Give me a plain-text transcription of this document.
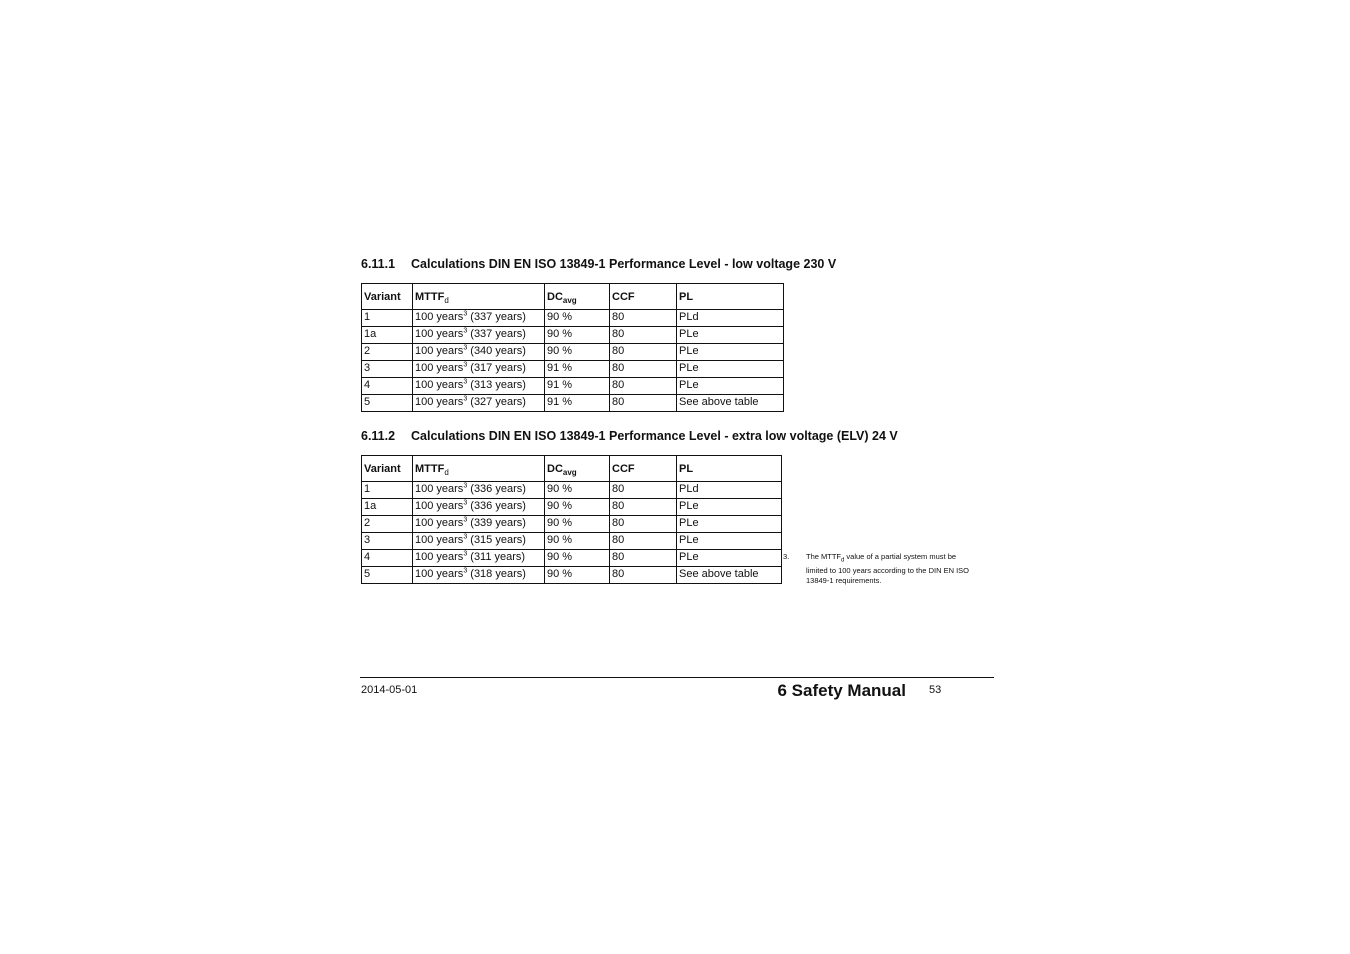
6.11.1 Calculations DIN EN ISO 13849-1 Performance Level - low voltage 230 V
Variant	$MTTF_d$	$DC_{avg}$	CCF	PL
1	100 years$^3$ (337 years)	90 %	80	PLd
1a	100 years$^3$ (337 years)	90 %	80	PLe
2	100 years$^3$ (340 years)	90 %	80	PLe
3	100 years$^3$ (317 years)	91 %	80	PLe
4	100 years$^3$ (313 years)	91 %	80	PLe
5	100 years$^3$ (327 years)	91 %	80	See above table
6.11.2 Calculations DIN EN ISO 13849-1 Performance Level - extra low voltage (ELV) 24 V
Variant	$MTTF_d$	$DC_{avg}$	CCF	PL
1	100 years$^3$ (336 years)	90 %	80	PLd
1a	100 years$^3$ (336 years)	90 %	80	PLe
2	100 years$^3$ (339 years)	90 %	80	PLe
3	100 years$^3$ (315 years)	90 %	80	PLe
4	100 years$^3$ (311 years)	90 %	80	PLe
5	100 years$^3$ (318 years)	90 %	80	See above table
3. The $MTTF_d$ value of a partial system must be limited to 100 years according to the DIN EN ISO 13849-1 requirements.
2014-05-01	6 Safety Manual 53
